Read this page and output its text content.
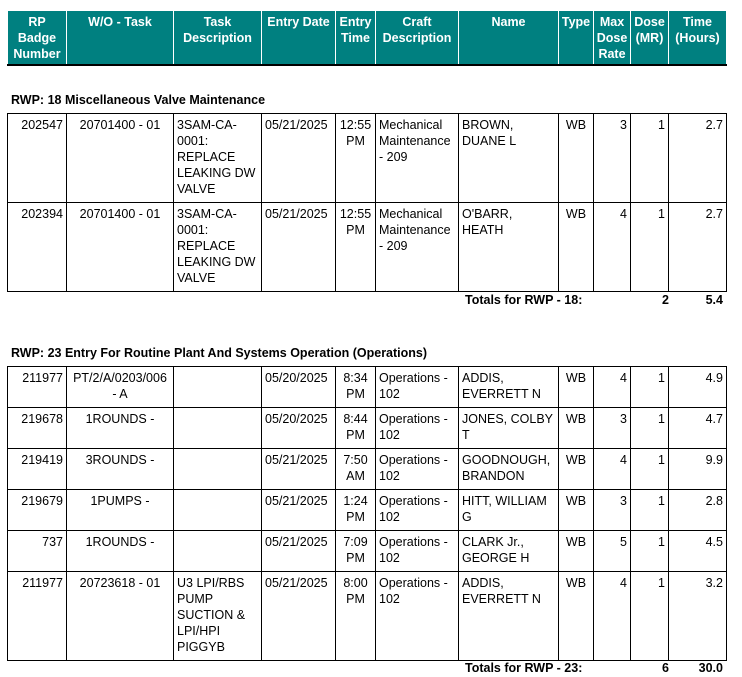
RP Badge Number	W/O - Task	Task Description	Entry Date	Entry Time	Craft Description	Name	Type	Max Dose Rate	Dose (MR)	Time (Hours)
RWP: 18 Miscellaneous Valve Maintenance
202547	20701400 - 01	3SAM-CA-0001: REPLACE LEAKING DW VALVE	05/21/2025	12:55 PM	Mechanical Maintenance - 209	BROWN, DUANE L	WB	3	1	2.7
202394	20701400 - 01	3SAM-CA-0001: REPLACE LEAKING DW VALVE	05/21/2025	12:55 PM	Mechanical Maintenance - 209	O'BARR, HEATH	WB	4	1	2.7
Totals for RWP - 18:	2	5.4
RWP: 23 Entry For Routine Plant And Systems Operation (Operations)
211977	PT/2/A/0203/006 - A		05/20/2025	8:34 PM	Operations - 102	ADDIS, EVERRETT N	WB	4	1	4.9
219678	1ROUNDS -		05/20/2025	8:44 PM	Operations - 102	JONES, COLBY T	WB	3	1	4.7
219419	3ROUNDS -		05/21/2025	7:50 AM	Operations - 102	GOODNOUGH, BRANDON	WB	4	1	9.9
219679	1PUMPS -		05/21/2025	1:24 PM	Operations - 102	HITT, WILLIAM G	WB	3	1	2.8
737	1ROUNDS -		05/21/2025	7:09 PM	Operations - 102	CLARK Jr., GEORGE H	WB	5	1	4.5
211977	20723618 - 01	U3 LPI/RBS PUMP SUCTION & LPI/HPI PIGGYB	05/21/2025	8:00 PM	Operations - 102	ADDIS, EVERRETT N	WB	4	1	3.2
Totals for RWP - 23:	6	30.0
